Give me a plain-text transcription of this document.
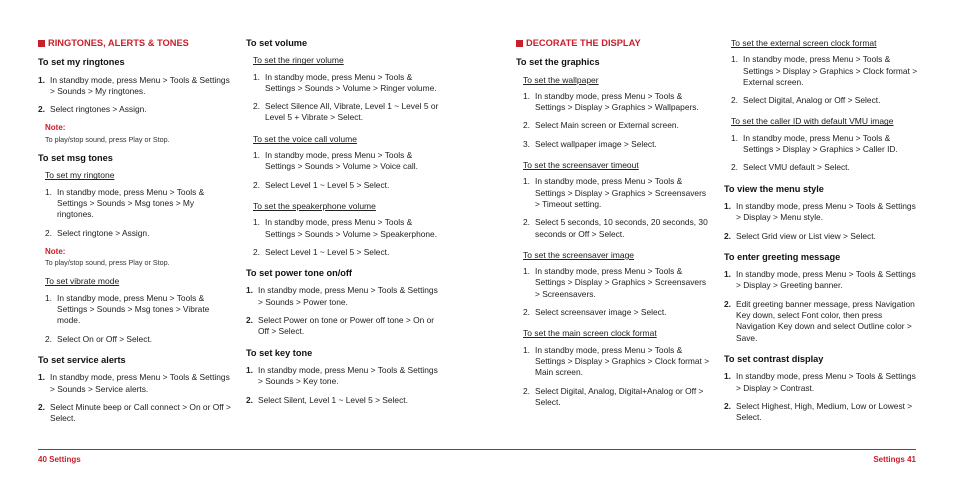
RINGTONES, ALERTS & TONES
To set my ringtones
1. In standby mode, press Menu > Tools & Settings > Sounds > My ringtones.
2. Select ringtones > Assign.
Note:
To play/stop sound, press Play or Stop.
To set msg tones
To set my ringtone
1. In standby mode, press Menu > Tools & Settings > Sounds > Msg tones > My ringtones.
2. Select ringtone > Assign.
Note:
To play/stop sound, press Play or Stop.
To set vibrate mode
1. In standby mode, press Menu > Tools & Settings > Sounds > Msg tones > Vibrate mode.
2. Select On or Off > Select.
To set service alerts
1. In standby mode, press Menu > Tools & Settings > Sounds > Service alerts.
2. Select Minute beep or Call connect > On or Off > Select.
To set volume
To set the ringer volume
1. In standby mode, press Menu > Tools & Settings > Sounds > Volume > Ringer volume.
2. Select Silence All, Vibrate, Level 1 ~ Level 5 or Level 5 + Vibrate > Select.
To set the voice call volume
1. In standby mode, press Menu > Tools & Settings > Sounds > Volume > Voice call.
2. Select Level 1 ~ Level 5 > Select.
To set the speakerphone volume
1. In standby mode, press Menu > Tools & Settings > Sounds > Volume > Speakerphone.
2. Select Level 1 ~ Level 5 > Select.
To set power tone on/off
1. In standby mode, press Menu > Tools & Settings > Sounds > Power tone.
2. Select Power on tone or Power off tone > On or Off > Select.
To set key tone
1. In standby mode, press Menu > Tools & Settings > Sounds > Key tone.
2. Select Silent, Level 1 ~ Level 5 > Select.
DECORATE THE DISPLAY
To set the graphics
To set the wallpaper
1. In standby mode, press Menu > Tools & Settings > Display > Graphics > Wallpapers.
2. Select Main screen or External screen.
3. Select wallpaper image > Select.
To set the screensaver timeout
1. In standby mode, press Menu > Tools & Settings > Display > Graphics > Screensavers > Timeout setting.
2. Select 5 seconds, 10 seconds, 20 seconds, 30 seconds or Off > Select.
To set the screensaver image
1. In standby mode, press Menu > Tools & Settings > Display > Graphics > Screensavers > Screensavers.
2. Select screensaver image > Select.
To set the main screen clock format
1. In standby mode, press Menu > Tools & Settings > Display > Graphics > Clock format > Main screen.
2. Select Digital, Analog, Digital+Analog or Off > Select.
To set the external screen clock format
1. In standby mode, press Menu > Tools & Settings > Display > Graphics > Clock format > External screen.
2. Select Digital, Analog or Off > Select.
To set the caller ID with default VMU image
1. In standby mode, press Menu > Tools & Settings > Display > Graphics > Caller ID.
2. Select VMU default > Select.
To view the menu style
1. In standby mode, press Menu > Tools & Settings > Display > Menu style.
2. Select Grid view or List view > Select.
To enter greeting message
1. In standby mode, press Menu > Tools & Settings > Display > Greeting banner.
2. Edit greeting banner message, press Navigation Key down, select Font color, then press Navigation Key down and select Outline color > Save.
To set contrast display
1. In standby mode, press Menu > Tools & Settings > Display > Contrast.
2. Select Highest, High, Medium, Low or Lowest > Select.
40 Settings	Settings 41
